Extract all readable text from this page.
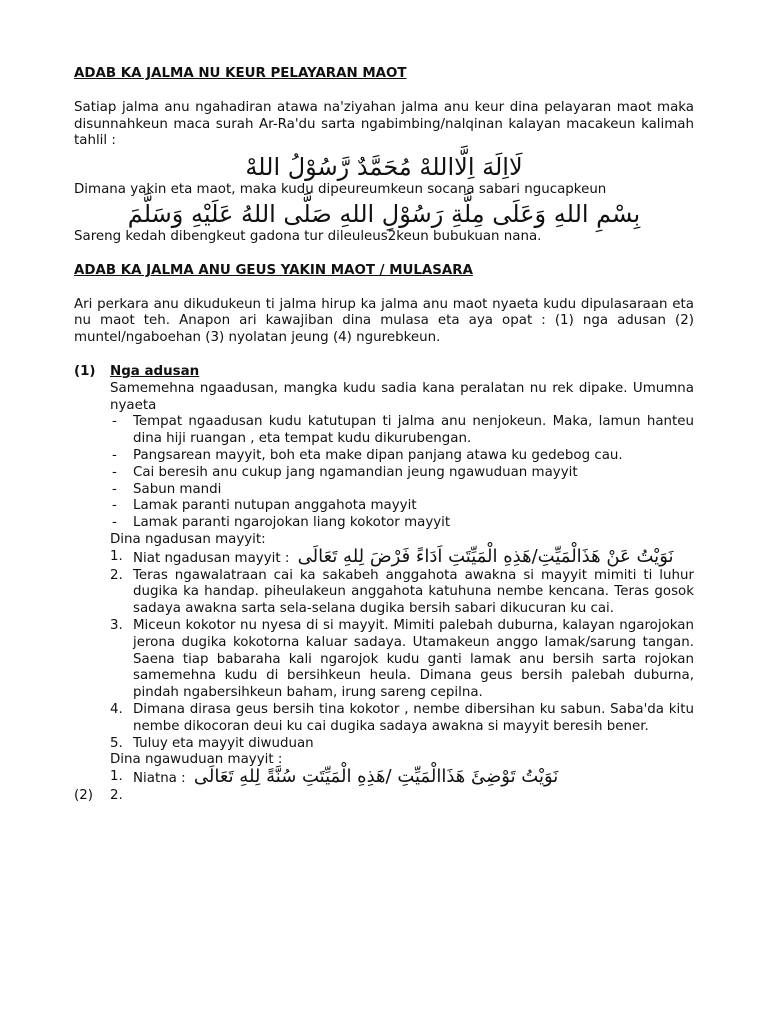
ADAB KA JALMA NU KEUR PELAYARAN MAOT

Satiap jalma anu ngahadiran atawa na'ziyahan jalma anu keur dina pelayaran maot maka disunnahkeun maca surah Ar-Ra'du sarta ngabimbing/nalqinan kalayan macakeun kalimah tahlil :

لَااِلَهَ اِلَّااللهْ مُحَمَّدٌ رَّسُوْلُ اللهْ

Dimana yakin eta maot, maka kudu dipeureumkeun socana sabari ngucapkeun

بِسْمِ اللهِ وَعَلَى مِلَّةِ رَسُوْلِ اللهِ صَلَّى اللهُ عَلَيْهِ وَسَلَّمَ

Sareng kedah dibengkeut gadona tur dileuleus2keun bubukuan nana.

ADAB KA JALMA ANU GEUS YAKIN MAOT / MULASARA

Ari perkara anu dikudukeun ti jalma hirup ka jalma anu maot nyaeta kudu dipulasaraan eta nu maot teh. Anapon ari kawajiban dina mulasa eta aya opat : (1) nga adusan (2) muntel/ngaboehan (3) nyolatan jeung (4) ngurebkeun.

(1) Nga adusan

Samemehna ngaadusan, mangka kudu sadia kana peralatan nu rek dipake. Umumna nyaeta

- Tempat ngaadusan kudu katutupan ti jalma anu nenjokeun. Maka, lamun hanteu dina hiji ruangan , eta tempat kudu dikurubengan.
- Pangsarean mayyit, boh eta make dipan panjang atawa ku gedebog cau.
- Cai beresih anu cukup jang ngamandian jeung ngawuduan mayyit
- Sabun mandi
- Lamak paranti nutupan anggahota mayyit
- Lamak paranti ngarojokan liang kokotor mayyit

Dina ngadusan mayyit:

1. Niat ngadusan mayyit : نَوَيْتُ عَنْ هَذَالْمَيِّتِ/هَذِهِ الْمَيِّتَتِ اَدَاءً فَرْضَ لِلهِ تَعَالَى
2. Teras ngawalatraan cai ka sakabeh anggahota awakna si mayyit mimiti ti luhur dugika ka handap. piheulakeun anggahota katuhuna nembe kencana. Teras gosok sadaya awakna sarta sela-selana dugika bersih sabari dikucuran ku cai.
3. Miceun kokotor nu nyesa di si mayyit. Mimiti palebah duburna, kalayan ngarojokan jerona dugika kokotorna kaluar sadaya. Utamakeun anggo lamak/sarung tangan. Saena tiap babaraha kali ngarojok kudu ganti lamak anu bersih sarta rojokan samemehna kudu di bersihkeun heula. Dimana geus bersih palebah duburna, pindah ngabersihkeun baham, irung sareng cepilna.
4. Dimana dirasa geus bersih tina kokotor , nembe dibersihan ku sabun. Saba'da kitu nembe dikocoran deui ku cai dugika sadaya awakna si mayyit beresih bener.
5. Tuluy eta mayyit diwuduan

Dina ngawuduan mayyit :

1. Niatna : نَوَيْتُ تَوْضِئَ هَذَاالْمَيِّتِ /هَذِهِ الْمَيِّتَتِ سُنَّةً لِلهِ تَعَالَى
2.

(2)
